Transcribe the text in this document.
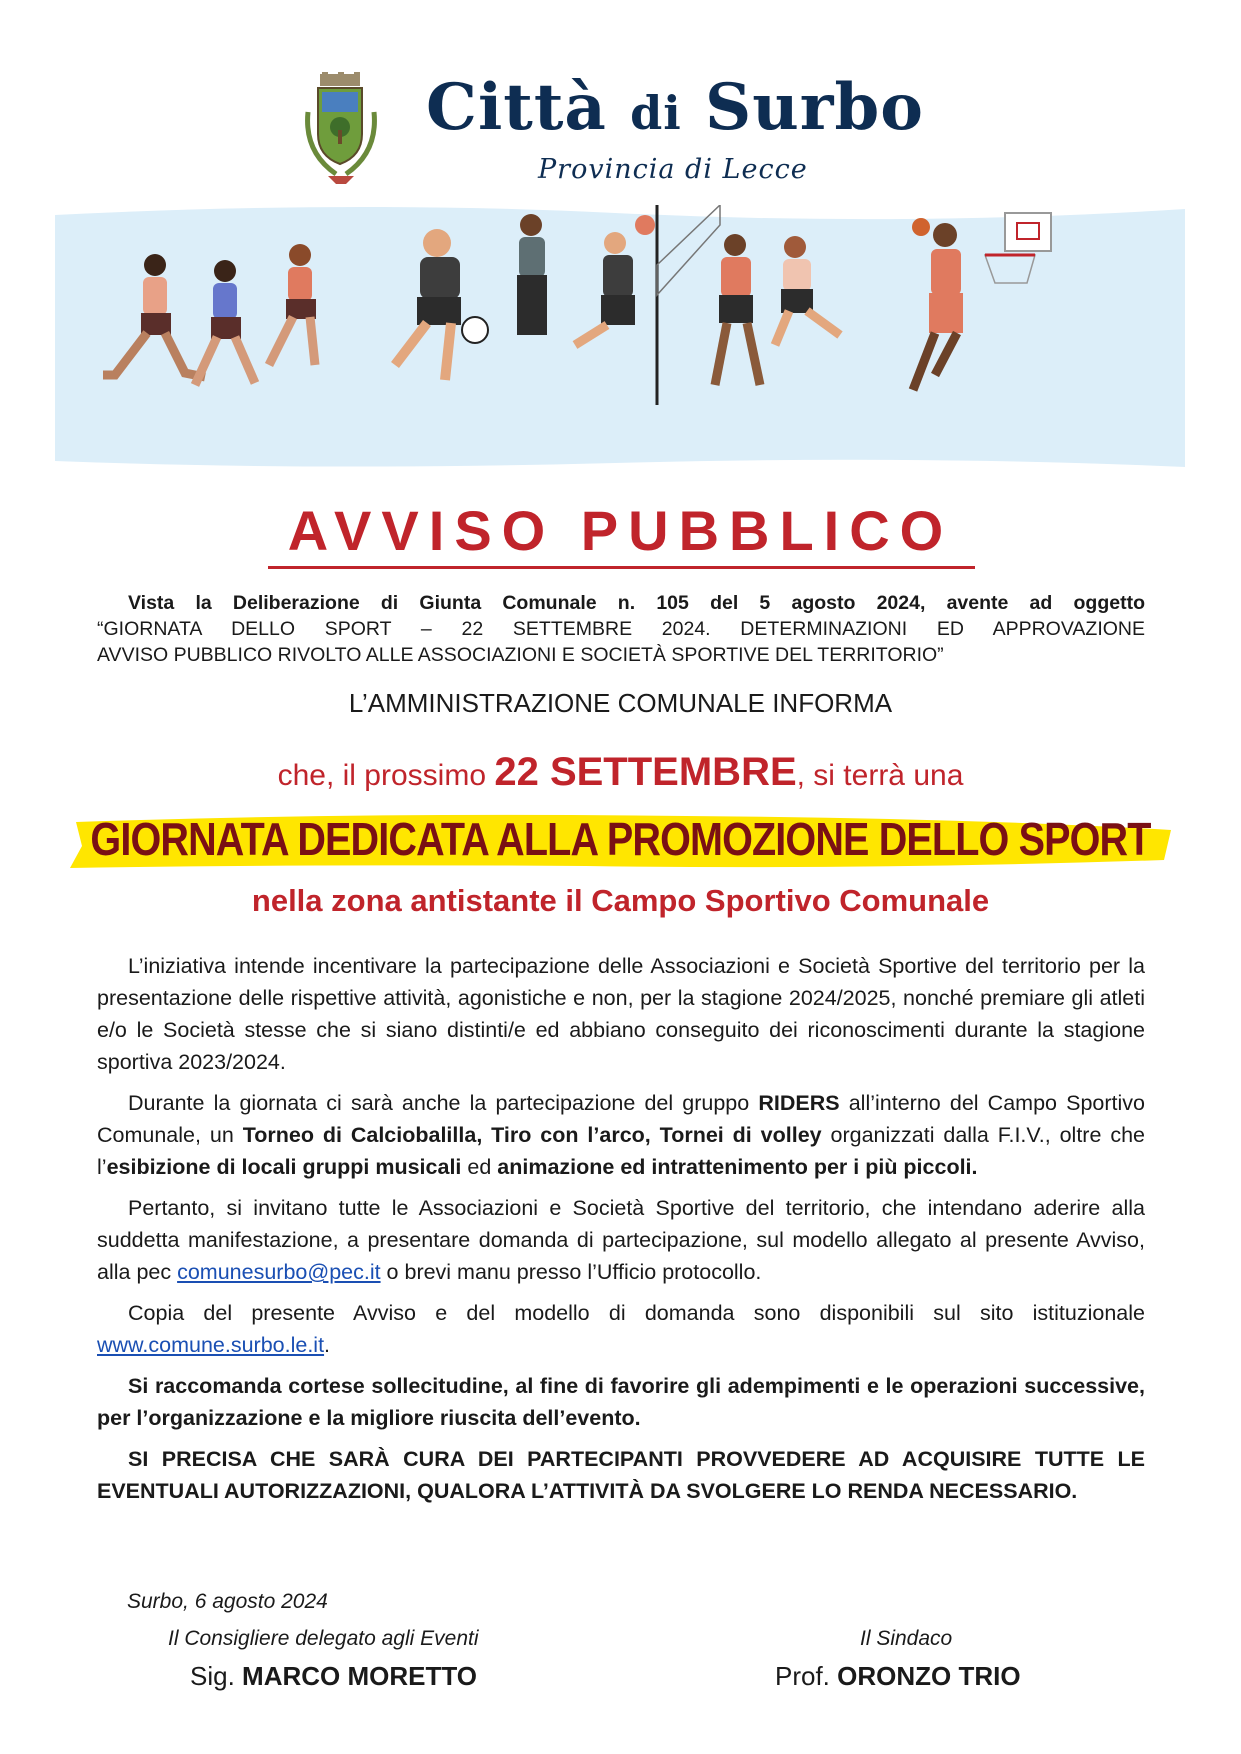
Città di Surbo
Provincia di Lecce
AVVISO PUBBLICO

Vista la Deliberazione di Giunta Comunale n. 105 del 5 agosto 2024, avente ad oggetto

“GIORNATA DELLO SPORT – 22 SETTEMBRE 2024. DETERMINAZIONI ED APPROVAZIONE

AVVISO PUBBLICO RIVOLTO ALLE ASSOCIAZIONI E SOCIETÀ SPORTIVE DEL TERRITORIO”

L’AMMINISTRAZIONE COMUNALE INFORMA
che, il prossimo 22 SETTEMBRE, si terrà una
GIORNATA DEDICATA ALLA PROMOZIONE DELLO SPORT
nella zona antistante il Campo Sportivo Comunale

L’iniziativa intende incentivare la partecipazione delle Associazioni e Società Sportive del territorio per la presentazione delle rispettive attività, agonistiche e non, per la stagione 2024/2025, nonché premiare gli atleti e/o le Società stesse che si siano distinti/e ed abbiano conseguito dei riconoscimenti durante la stagione sportiva 2023/2024.

Durante la giornata ci sarà anche la partecipazione del gruppo RIDERS all’interno del Campo Sportivo Comunale, un Torneo di Calciobalilla, Tiro con l’arco, Tornei di volley organizzati dalla F.I.V., oltre che l’esibizione di locali gruppi musicali ed animazione ed intrattenimento per i più piccoli.

Pertanto, si invitano tutte le Associazioni e Società Sportive del territorio, che intendano aderire alla suddetta manifestazione, a presentare domanda di partecipazione, sul modello allegato al presente Avviso, alla pec comunesurbo@pec.it o brevi manu presso l’Ufficio protocollo.

Copia del presente Avviso e del modello di domanda sono disponibili sul sito istituzionale www.comune.surbo.le.it.

Si raccomanda cortese sollecitudine, al fine di favorire gli adempimenti e le operazioni successive, per l’organizzazione e la migliore riuscita dell’evento.

SI PRECISA CHE SARÀ CURA DEI PARTECIPANTI PROVVEDERE AD ACQUISIRE TUTTE LE EVENTUALI AUTORIZZAZIONI, QUALORA L’ATTIVITÀ DA SVOLGERE LO RENDA NECESSARIO.

Surbo, 6 agosto 2024
Il Consigliere delegato agli Eventi
Sig. MARCO MORETTO
Il Sindaco
Prof. ORONZO TRIO
